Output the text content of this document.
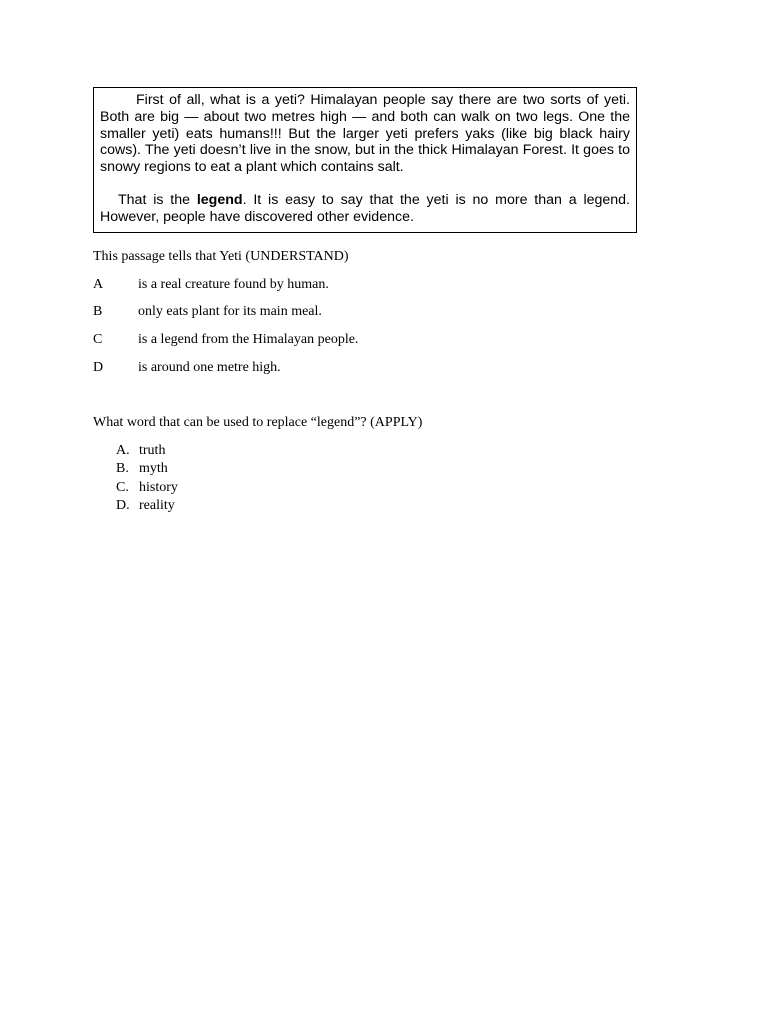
First of all, what is a yeti? Himalayan people say there are two sorts of yeti. Both are big — about two metres high — and both can walk on two legs. One the smaller yeti) eats humans!!! But the larger yeti prefers yaks (like big black hairy cows). The yeti doesn’t live in the snow, but in the thick Himalayan Forest. It goes to snowy regions to eat a plant which contains salt.

That is the legend. It is easy to say that the yeti is no more than a legend. However, people have discovered other evidence.

This passage tells that Yeti (UNDERSTAND)
A is a real creature found by human.
B	only eats plant for its main meal.
C	is a legend from the Himalayan people.
D is around one metre high.
What word that can be used to replace “legend”? (APPLY)
A. truth
B. myth
C. history
D. reality
